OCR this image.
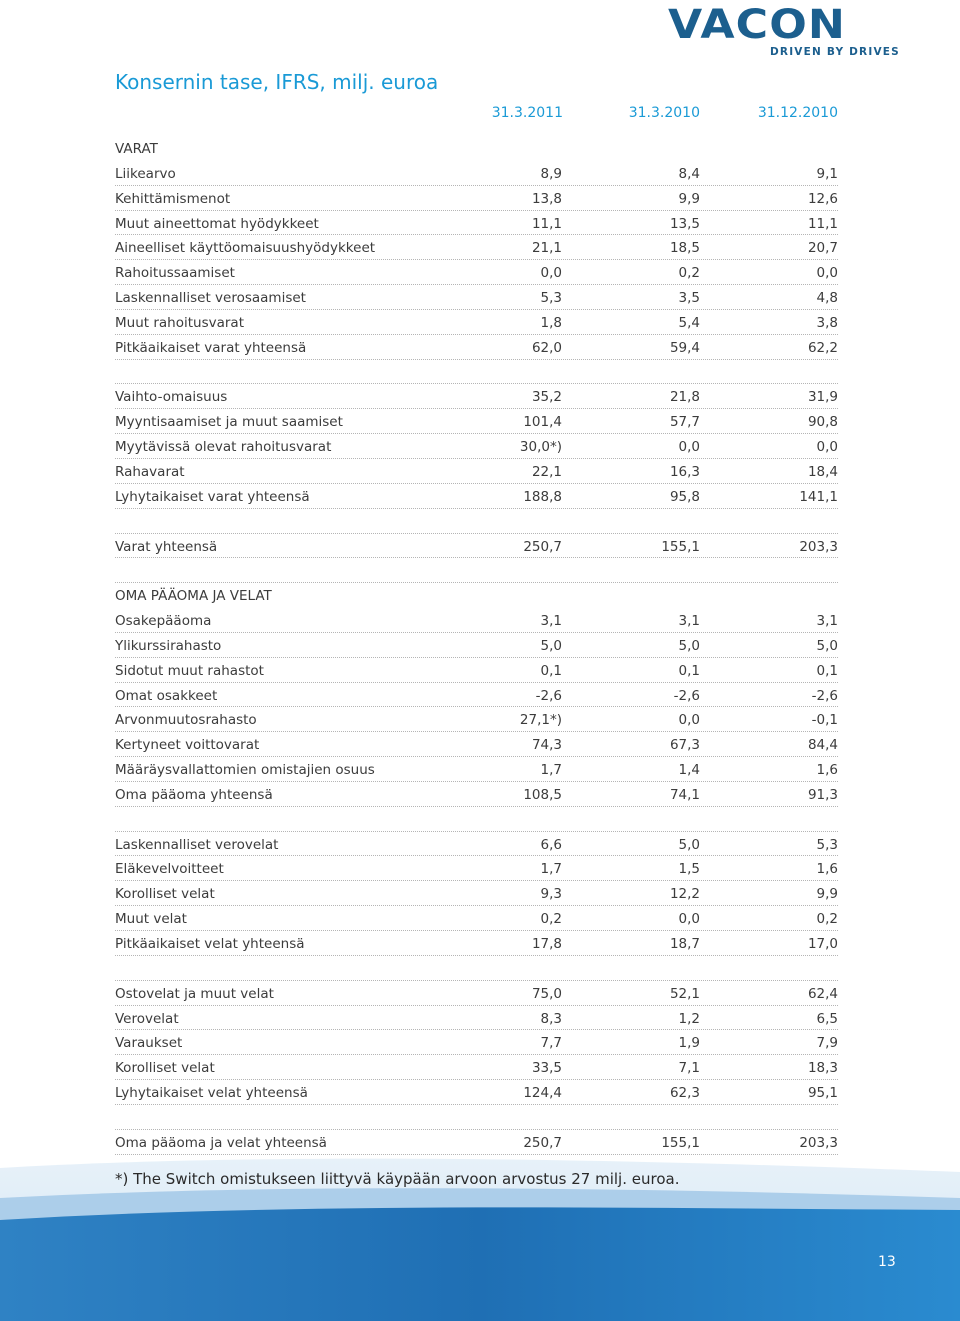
VACON
DRIVEN BY DRIVES
Konsernin tase, IFRS, milj. euroa
31.3.2011	31.3.2010	31.12.2010
VARAT
Liikearvo	8,9	8,4	9,1
Kehittämismenot	13,8	9,9	12,6
Muut aineettomat hyödykkeet	11,1	13,5	11,1
Aineelliset käyttöomaisuushyödykkeet	21,1	18,5	20,7
Rahoitussaamiset	0,0	0,2	0,0
Laskennalliset verosaamiset	5,3	3,5	4,8
Muut rahoitusvarat	1,8	5,4	3,8
Pitkäaikaiset varat yhteensä	62,0	59,4	62,2
Vaihto-omaisuus	35,2	21,8	31,9
Myyntisaamiset ja muut saamiset	101,4	57,7	90,8
Myytävissä olevat rahoitusvarat	30,0*)	0,0	0,0
Rahavarat	22,1	16,3	18,4
Lyhytaikaiset varat yhteensä	188,8	95,8	141,1
Varat yhteensä	250,7	155,1	203,3
OMA PÄÄOMA JA VELAT
Osakepääoma	3,1	3,1	3,1
Ylikurssirahasto	5,0	5,0	5,0
Sidotut muut rahastot	0,1	0,1	0,1
Omat osakkeet	-2,6	-2,6	-2,6
Arvonmuutosrahasto	27,1*)	0,0	-0,1
Kertyneet voittovarat	74,3	67,3	84,4
Määräysvallattomien omistajien osuus	1,7	1,4	1,6
Oma pääoma yhteensä	108,5	74,1	91,3
Laskennalliset verovelat	6,6	5,0	5,3
Eläkevelvoitteet	1,7	1,5	1,6
Korolliset velat	9,3	12,2	9,9
Muut velat	0,2	0,0	0,2
Pitkäaikaiset velat yhteensä	17,8	18,7	17,0
Ostovelat ja muut velat	75,0	52,1	62,4
Verovelat	8,3	1,2	6,5
Varaukset	7,7	1,9	7,9
Korolliset velat	33,5	7,1	18,3
Lyhytaikaiset velat yhteensä	124,4	62,3	95,1
Oma pääoma ja velat yhteensä	250,7	155,1	203,3

*) The Switch omistukseen liittyvä käypään arvoon arvostus 27 milj. euroa.

13
